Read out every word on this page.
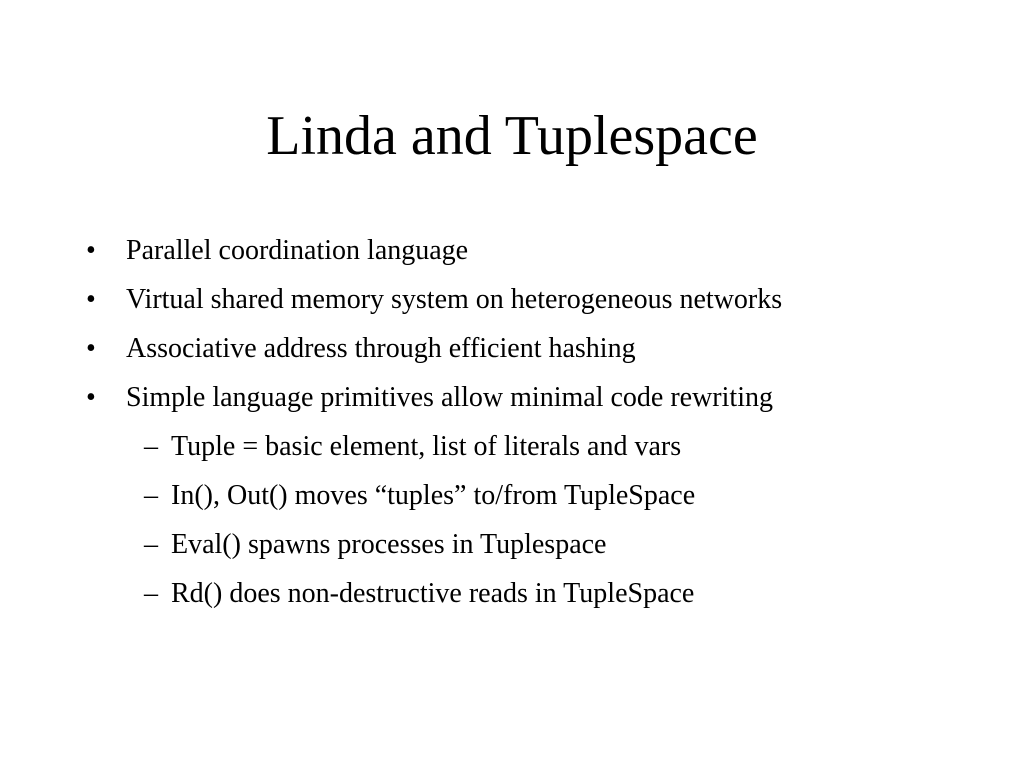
Linda and Tuplespace
• Parallel coordination language
• Virtual shared memory system on heterogeneous networks
• Associative address through efficient hashing
• Simple language primitives allow minimal code rewriting
– Tuple = basic element, list of literals and vars
– In(), Out() moves “tuples” to/from TupleSpace
– Eval() spawns processes in Tuplespace
– Rd() does non-destructive reads in TupleSpace
